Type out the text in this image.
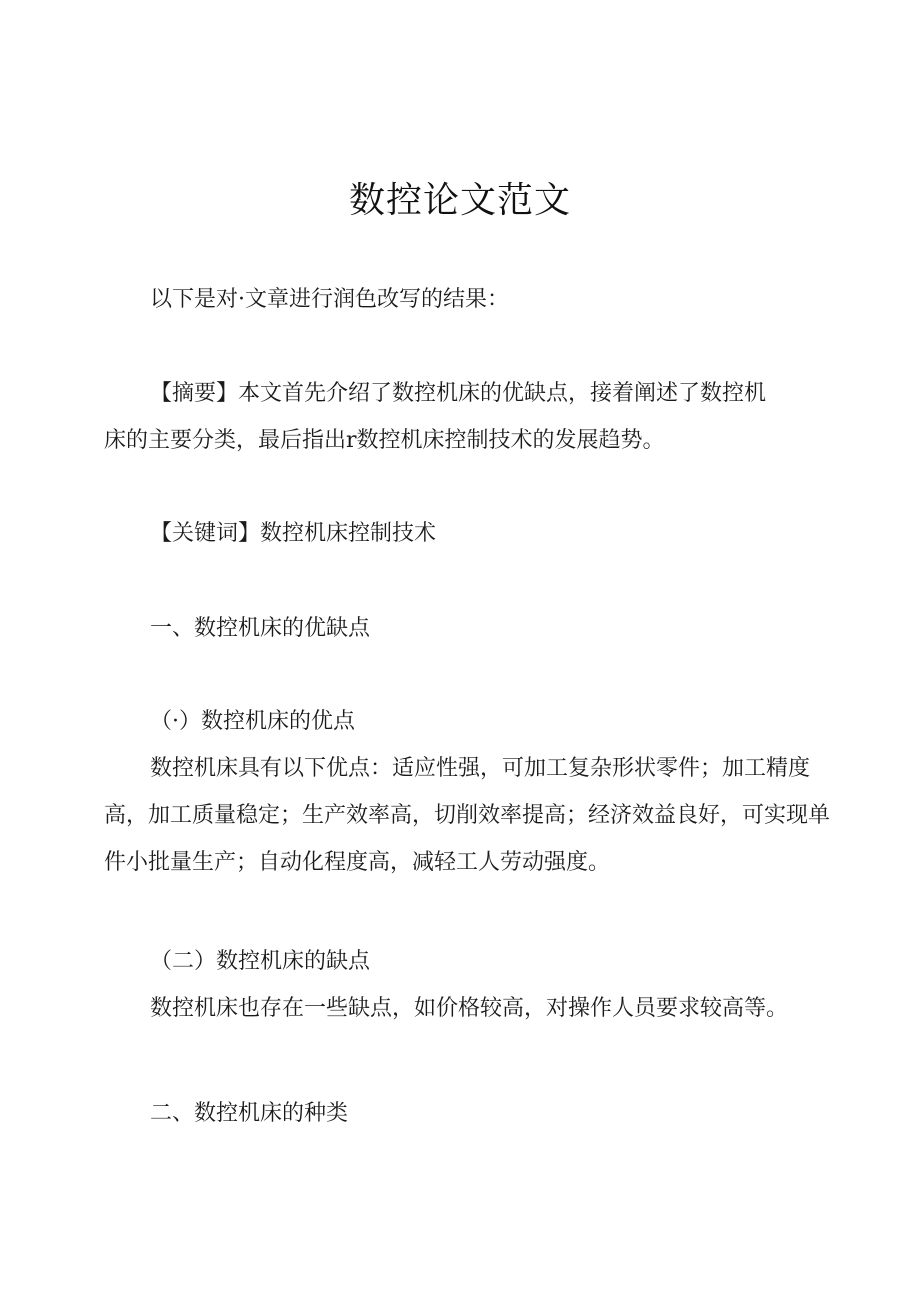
数控论文范文
以下是对·文章进行润色改写的结果：
【摘要】本文首先介绍了数控机床的优缺点，接着阐述了数控机
床的主要分类，最后指出r数控机床控制技术的发展趋势。
【关键词】数控机床控制技术
一、数控机床的优缺点
（·）数控机床的优点
数控机床具有以下优点：适应性强，可加工复杂形状零件；加工精度
高，加工质量稳定；生产效率高，切削效率提高；经济效益良好，可实现单
件小批量生产；自动化程度高，减轻工人劳动强度。
（二）数控机床的缺点
数控机床也存在一些缺点，如价格较高，对操作人员要求较高等。
二、数控机床的种类
